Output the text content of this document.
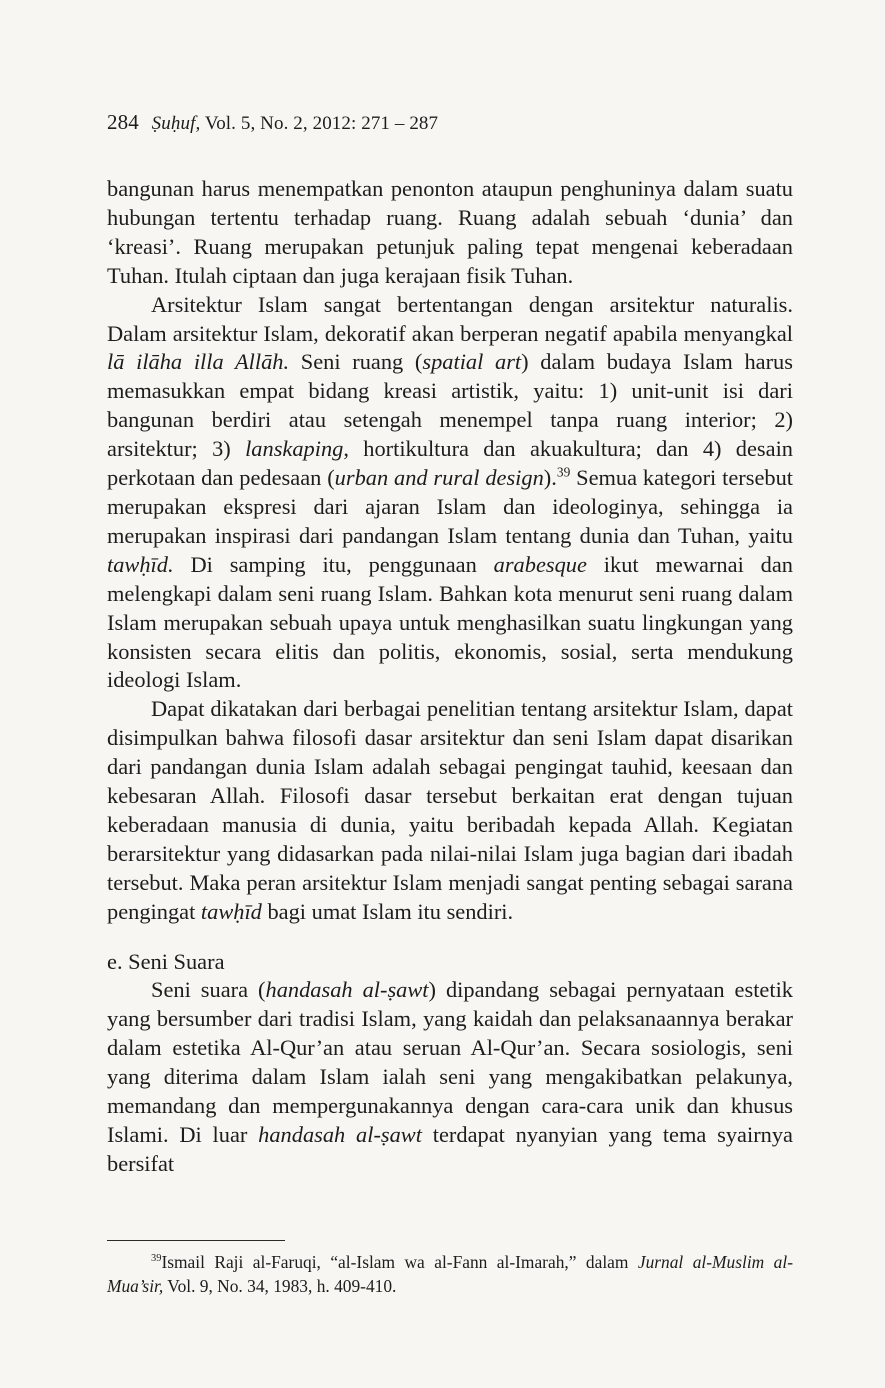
284 Ṣuḥuf, Vol. 5, No. 2, 2012: 271 – 287

bangunan harus menempatkan penonton ataupun penghuninya dalam suatu hubungan tertentu terhadap ruang. Ruang adalah sebuah ‘dunia’ dan ‘kreasi’. Ruang merupakan petunjuk paling tepat mengenai keberadaan Tuhan. Itulah ciptaan dan juga kerajaan fisik Tuhan.

Arsitektur Islam sangat bertentangan dengan arsitektur naturalis. Dalam arsitektur Islam, dekoratif akan berperan negatif apabila menyangkal lā ilāha illa Allāh. Seni ruang (spatial art) dalam budaya Islam harus memasukkan empat bidang kreasi artistik, yaitu: 1) unit-unit isi dari bangunan berdiri atau setengah menempel tanpa ruang interior; 2) arsitektur; 3) lanskaping, hortikultura dan akuakultura; dan 4) desain perkotaan dan pedesaan (urban and rural design).$^{39}$ Semua kategori tersebut merupakan ekspresi dari ajaran Islam dan ideologinya, sehingga ia merupakan inspirasi dari pandangan Islam tentang dunia dan Tuhan, yaitu tawḥīd. Di samping itu, penggunaan arabesque ikut mewarnai dan melengkapi dalam seni ruang Islam. Bahkan kota menurut seni ruang dalam Islam merupakan sebuah upaya untuk menghasilkan suatu lingkungan yang konsisten secara elitis dan politis, ekonomis, sosial, serta mendukung ideologi Islam.

Dapat dikatakan dari berbagai penelitian tentang arsitektur Islam, dapat disimpulkan bahwa filosofi dasar arsitektur dan seni Islam dapat disarikan dari pandangan dunia Islam adalah sebagai pengingat tauhid, keesaan dan kebesaran Allah. Filosofi dasar tersebut berkaitan erat dengan tujuan keberadaan manusia di dunia, yaitu beribadah kepada Allah. Kegiatan berarsitektur yang didasarkan pada nilai-nilai Islam juga bagian dari ibadah tersebut. Maka peran arsitektur Islam menjadi sangat penting sebagai sarana pengingat tawḥīd bagi umat Islam itu sendiri.

e. Seni Suara

Seni suara (handasah al-ṣawt) dipandang sebagai pernyataan estetik yang bersumber dari tradisi Islam, yang kaidah dan pelaksanaannya berakar dalam estetika Al-Qur’an atau seruan Al-Qur’an. Secara sosiologis, seni yang diterima dalam Islam ialah seni yang mengakibatkan pelakunya, memandang dan mempergunakannya dengan cara-cara unik dan khusus Islami. Di luar handasah al-ṣawt terdapat nyanyian yang tema syairnya bersifat

$^{39}$Ismail Raji al-Faruqi, “al-Islam wa al-Fann al-Imarah,” dalam Jurnal al-Muslim al-Mua’sir, Vol. 9, No. 34, 1983, h. 409-410.
